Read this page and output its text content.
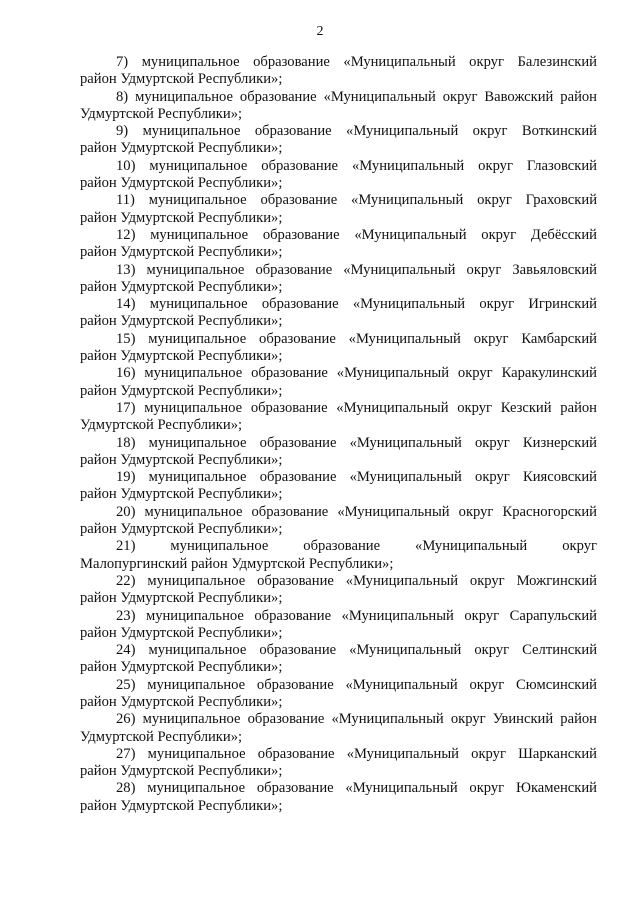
2

7) муниципальное образование «Муниципальный округ Балезинский
район Удмуртской Республики»;

8) муниципальное образование «Муниципальный округ Вавожский район
Удмуртской Республики»;

9) муниципальное образование «Муниципальный округ Воткинский
район Удмуртской Республики»;

10) муниципальное образование «Муниципальный округ Глазовский
район Удмуртской Республики»;

11) муниципальное образование «Муниципальный округ Граховский
район Удмуртской Республики»;

12) муниципальное образование «Муниципальный округ Дебёсский
район Удмуртской Республики»;

13) муниципальное образование «Муниципальный округ Завьяловский
район Удмуртской Республики»;

14) муниципальное образование «Муниципальный округ Игринский
район Удмуртской Республики»;

15) муниципальное образование «Муниципальный округ Камбарский
район Удмуртской Республики»;

16) муниципальное образование «Муниципальный округ Каракулинский
район Удмуртской Республики»;

17) муниципальное образование «Муниципальный округ Кезский район
Удмуртской Республики»;

18) муниципальное образование «Муниципальный округ Кизнерский
район Удмуртской Республики»;

19) муниципальное образование «Муниципальный округ Киясовский
район Удмуртской Республики»;

20) муниципальное образование «Муниципальный округ Красногорский
район Удмуртской Республики»;

21) муниципальное образование «Муниципальный округ
Малопургинский район Удмуртской Республики»;

22) муниципальное образование «Муниципальный округ Можгинский
район Удмуртской Республики»;

23) муниципальное образование «Муниципальный округ Сарапульский
район Удмуртской Республики»;

24) муниципальное образование «Муниципальный округ Селтинский
район Удмуртской Республики»;

25) муниципальное образование «Муниципальный округ Сюмсинский
район Удмуртской Республики»;

26) муниципальное образование «Муниципальный округ Увинский район
Удмуртской Республики»;

27) муниципальное образование «Муниципальный округ Шарканский
район Удмуртской Республики»;

28) муниципальное образование «Муниципальный округ Юкаменский
район Удмуртской Республики»;
